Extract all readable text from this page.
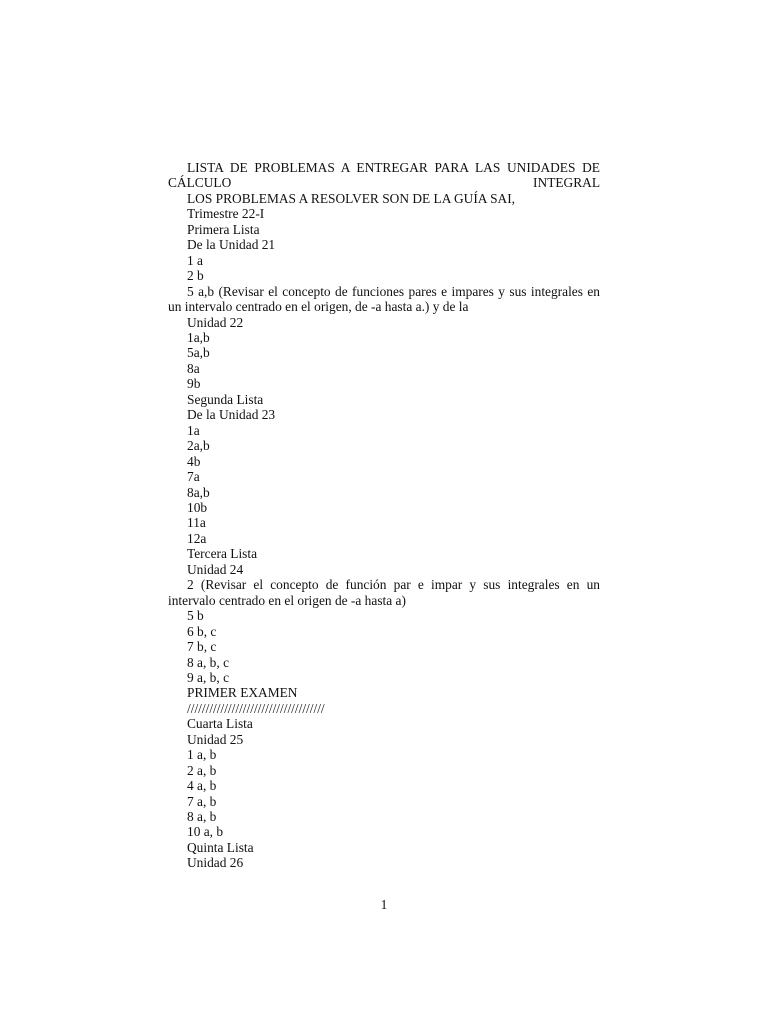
LISTA DE PROBLEMAS A ENTREGAR PARA LAS UNIDADES DE CÁLCULO INTEGRAL

LOS PROBLEMAS A RESOLVER SON DE LA GUÍA SAI,

Trimestre 22-I

Primera Lista

De la Unidad 21

1 a

2 b

5 a,b (Revisar el concepto de funciones pares e impares y sus integrales en un intervalo centrado en el origen, de -a hasta a.) y de la

Unidad 22

1a,b

5a,b

8a

9b

Segunda Lista

De la Unidad 23

1a

2a,b

4b

7a

8a,b

10b

11a

12a

Tercera Lista

Unidad 24

2 (Revisar el concepto de función par e impar y sus integrales en un intervalo centrado en el origen de -a hasta a)

5 b

6 b, c

7 b, c

8 a, b, c

9 a, b, c

PRIMER EXAMEN

/////////////////////////////////////

Cuarta Lista

Unidad 25

1 a, b

2 a, b

4 a, b

7 a, b

8 a, b

10 a, b

Quinta Lista

Unidad 26

1
